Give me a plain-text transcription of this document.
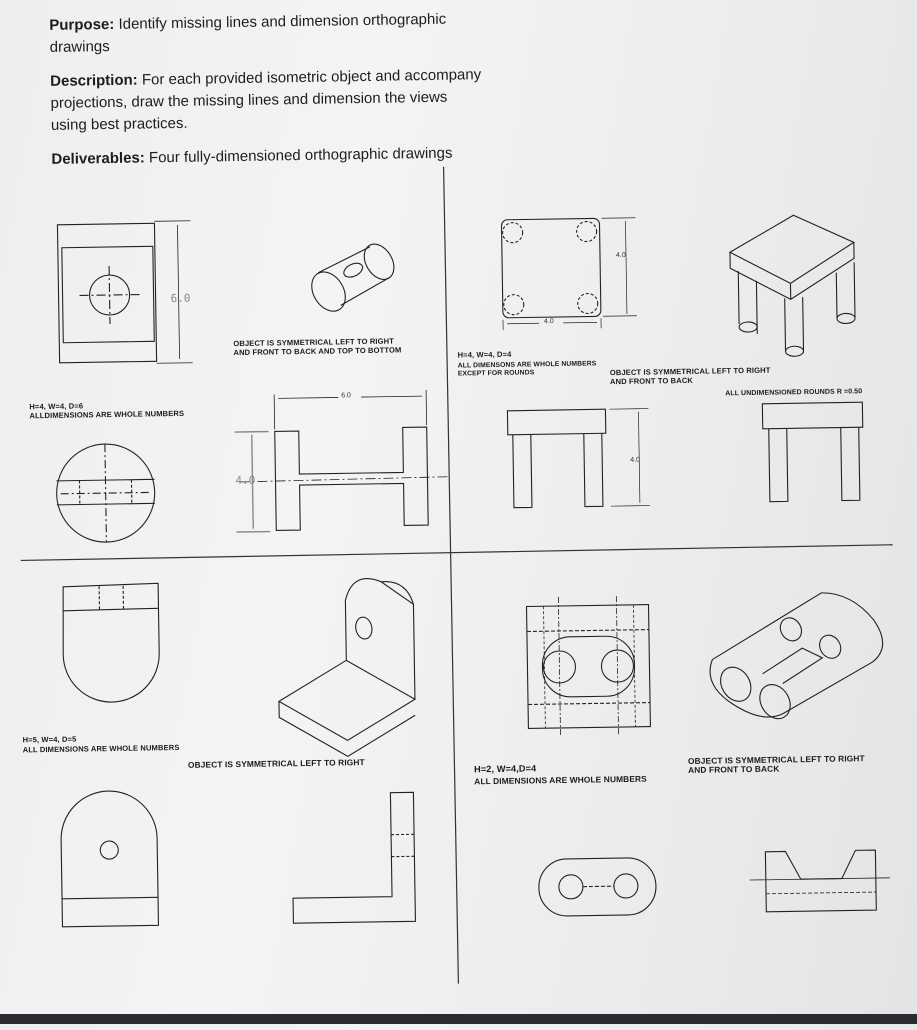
Purpose: Identify missing lines and dimension orthographic
drawings
Description: For each provided isometric object and accompany
projections, draw the missing lines and dimension the views
using best practices.
Deliverables: Four fully-dimensioned orthographic drawings
6.0
4.0
4.0
4.0
6.0
4.0
OBJECT IS SYMMETRICAL LEFT TO RIGHT
AND FRONT TO BACK AND TOP TO BOTTOM
H=4, W=4, D=6
ALLDIMENSIONS ARE WHOLE NUMBERS
H=4, W=4, D=4
ALL DIMENSONS ARE WHOLE NUMBERS
EXCEPT FOR ROUNDS	OBJECT IS SYMMETRICAL LEFT TO RIGHT
AND FRONT TO BACK
ALL UNDIMENSIONED ROUNDS R =0.50
H=5, W=4, D=5
ALL DIMENSIONS ARE WHOLE NUMBERS
OBJECT IS SYMMETRICAL LEFT TO RIGHT	H=2, W=4,D=4
ALL DIMENSIONS ARE WHOLE NUMBERS
OBJECT IS SYMMETRICAL LEFT TO RIGHT
AND FRONT TO BACK
